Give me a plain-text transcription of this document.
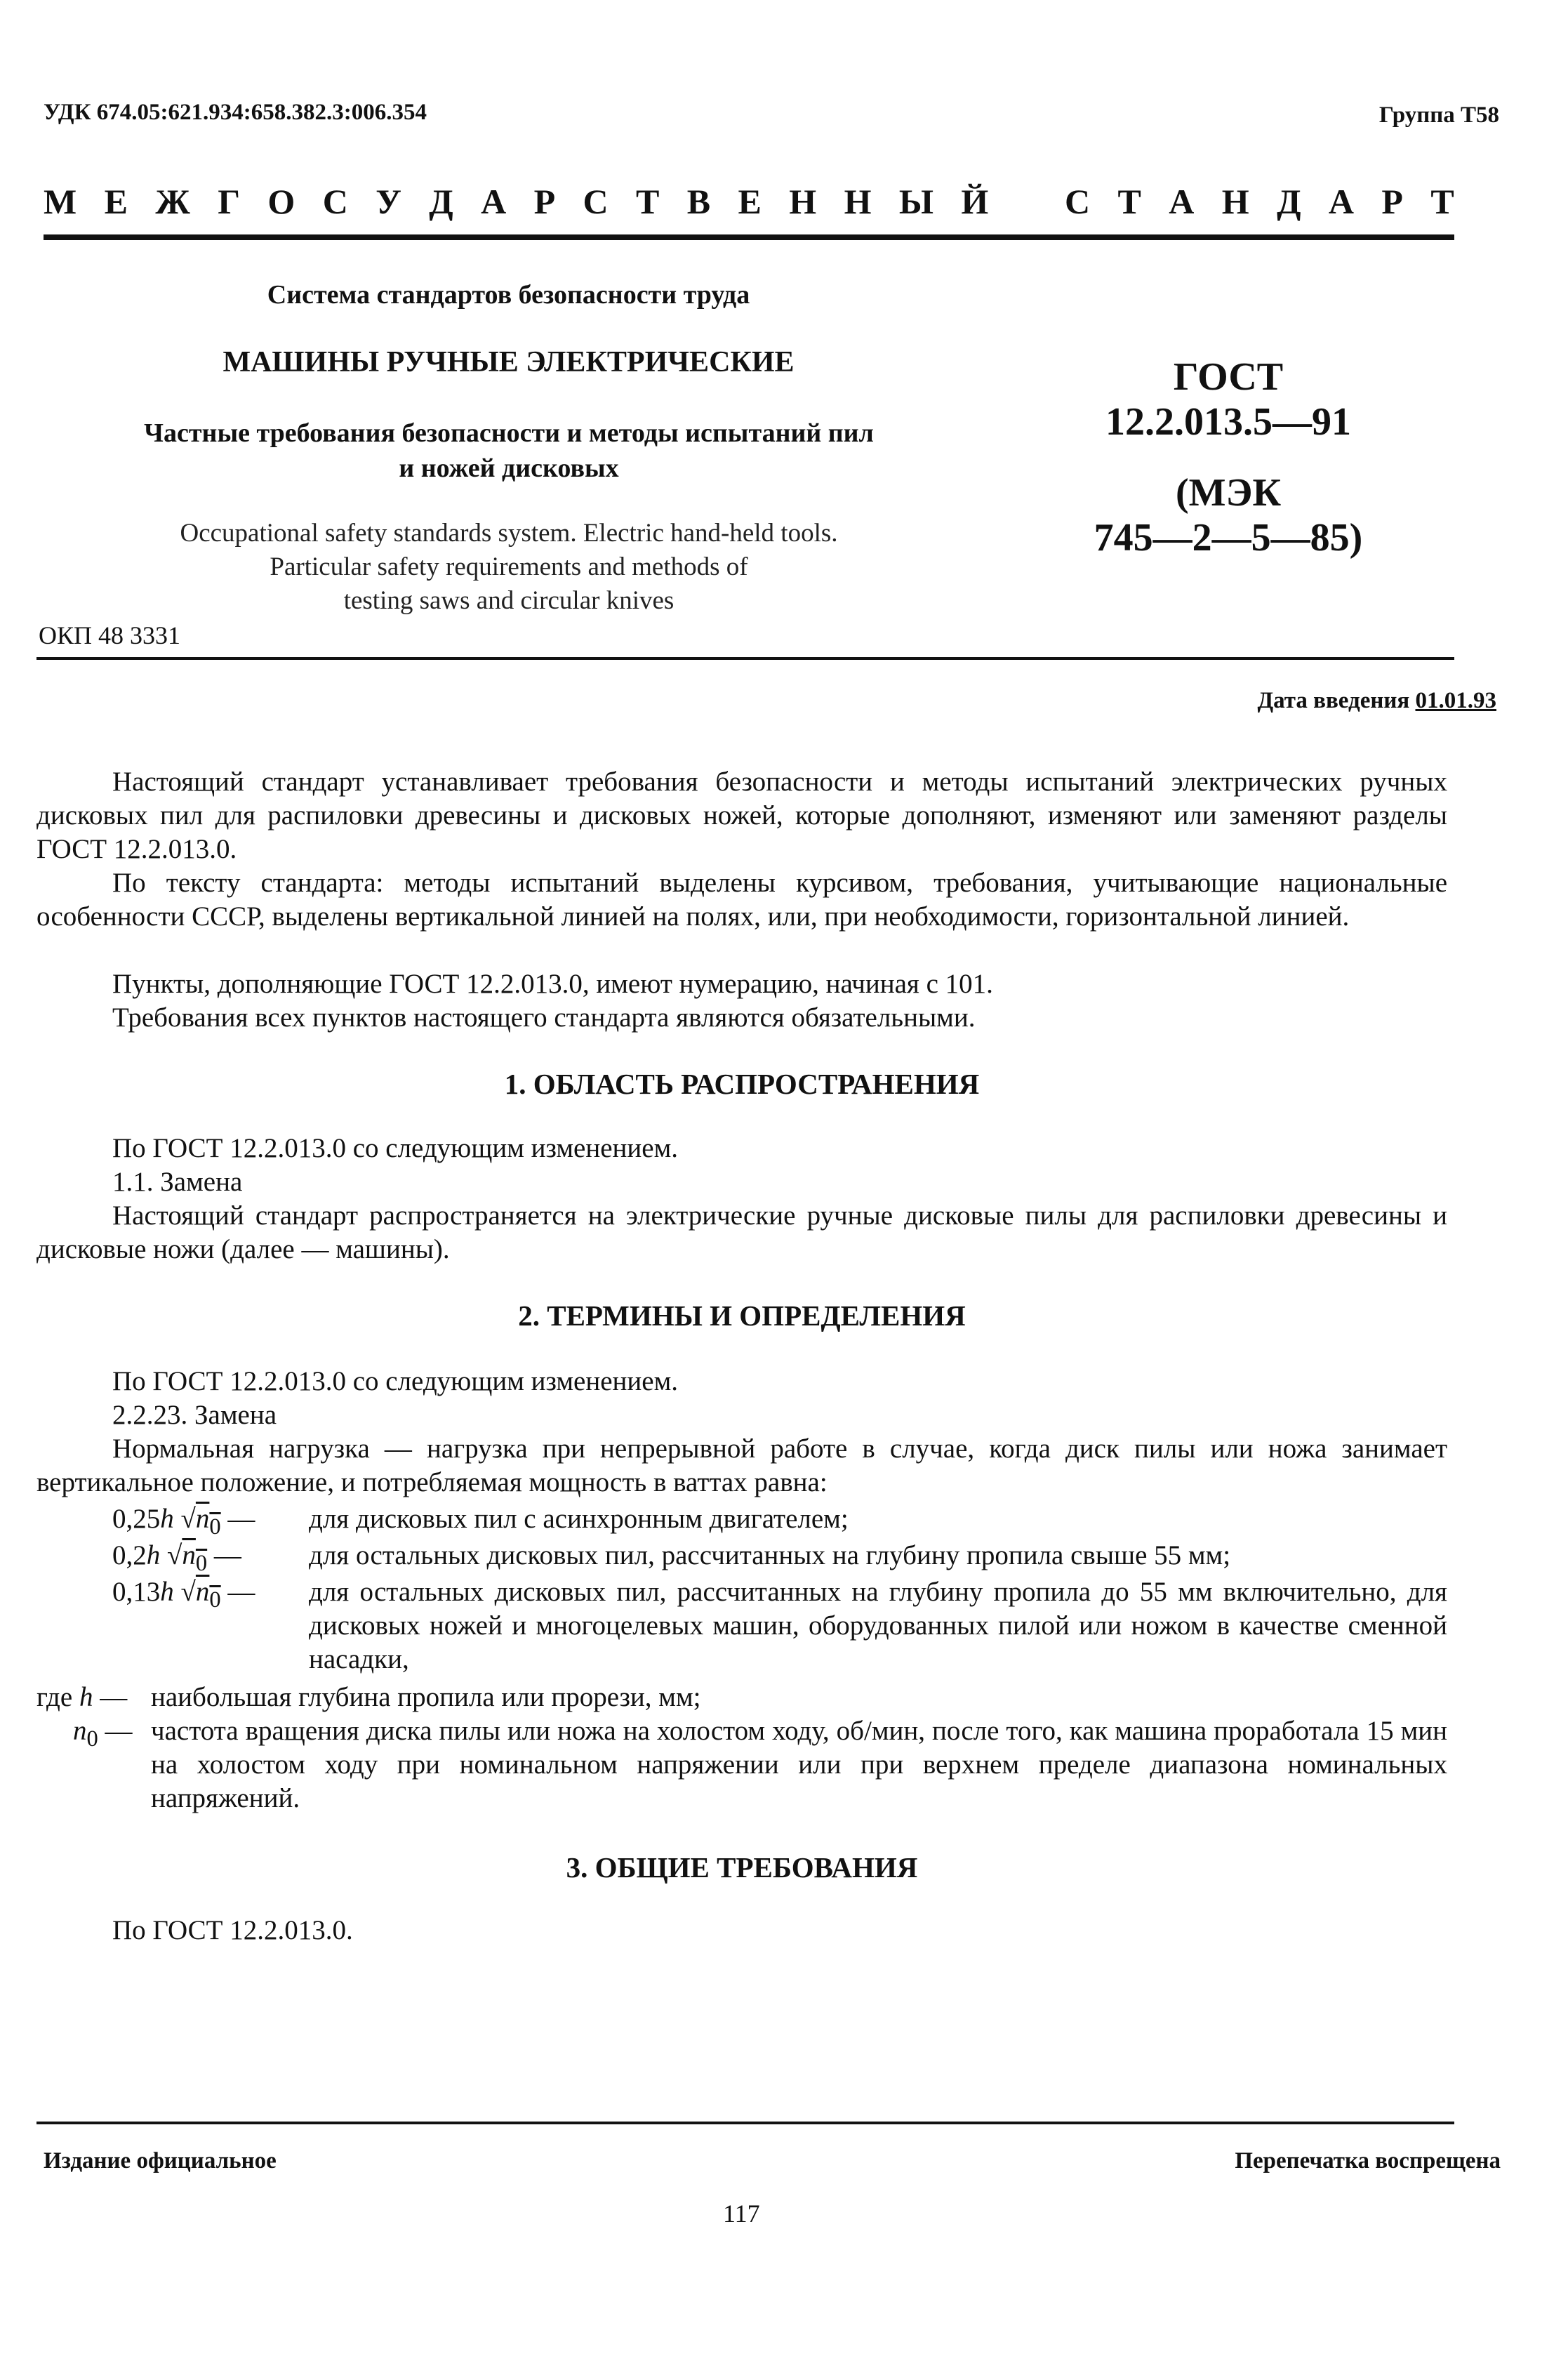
УДК 674.05:621.934:658.382.3:006.354	Группа Т58
М Е Ж Г О С У Д А Р С Т В Е Н Н Ы Й С Т А Н Д А Р Т
Система стандартов безопасности труда
МАШИНЫ РУЧНЫЕ ЭЛЕКТРИЧЕСКИЕ
Частные требования безопасности и методы испытаний пил
и ножей дисковых
Occupational safety standards system. Electric hand-held tools.
Particular safety requirements and methods of
testing saws and circular knives
ОКП 48 3331
ГОСТ
12.2.013.5—91
(МЭК
745—2—5—85)
Дата введения 01.01.93
Настоящий стандарт устанавливает требования безопасности и методы испытаний электрических ручных дисковых пил для распиловки древесины и дисковых ножей, которые дополняют, изменяют или заменяют разделы ГОСТ 12.2.013.0.
По тексту стандарта: методы испытаний выделены курсивом, требования, учитывающие национальные особенности СССР, выделены вертикальной линией на полях, или, при необходимости, горизонтальной линией.
Пункты, дополняющие ГОСТ 12.2.013.0, имеют нумерацию, начиная с 101.
Требования всех пунктов настоящего стандарта являются обязательными.
1. ОБЛАСТЬ РАСПРОСТРАНЕНИЯ
По ГОСТ 12.2.013.0 со следующим изменением.
1.1. Замена
Настоящий стандарт распространяется на электрические ручные дисковые пилы для распиловки древесины и дисковые ножи (далее — машины).
2. ТЕРМИНЫ И ОПРЕДЕЛЕНИЯ
По ГОСТ 12.2.013.0 со следующим изменением.
2.2.23. Замена
Нормальная нагрузка — нагрузка при непрерывной работе в случае, когда диск пилы или ножа занимает вертикальное положение, и потребляемая мощность в ваттах равна:
0,25h $√n_0$ — для дисковых пил с асинхронным двигателем;
0,2h $√n_0$ — для остальных дисковых пил, рассчитанных на глубину пропила свыше 55 мм;
0,13h $√n_0$ — для остальных дисковых пил, рассчитанных на глубину пропила до 55 мм включительно, для дисковых ножей и многоцелевых машин, оборудованных пилой или ножом в качестве сменной насадки,
где h — наибольшая глубина пропила или прорези, мм;
$n_0$ — частота вращения диска пилы или ножа на холостом ходу, об/мин, после того, как машина проработала 15 мин на холостом ходу при номинальном напряжении или при верхнем пределе диапазона номинальных напряжений.
3. ОБЩИЕ ТРЕБОВАНИЯ
По ГОСТ 12.2.013.0.
Издание официальное	Перепечатка воспрещена
117
